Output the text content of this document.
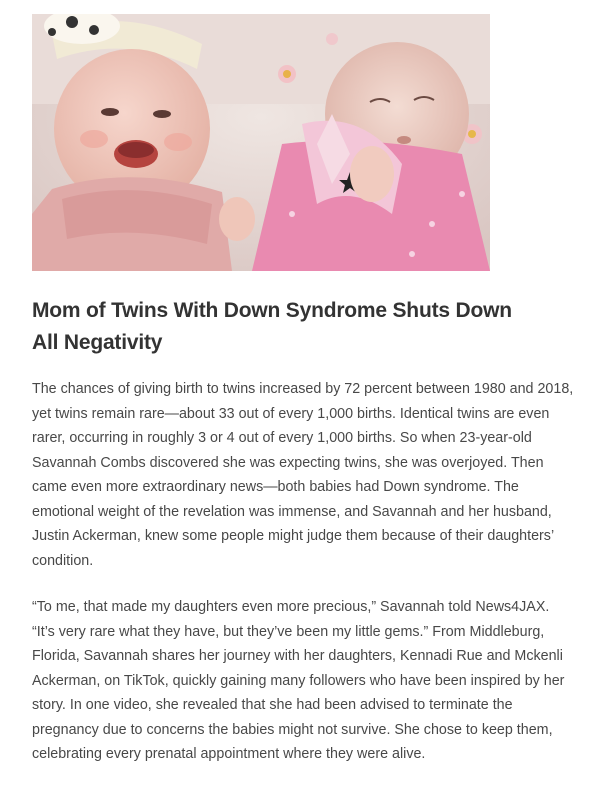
Mom of Twins With Down Syndrome Shuts Down All Negativity

The chances of giving birth to twins increased by 72 percent between 1980 and 2018, yet twins remain rare—about 33 out of every 1,000 births. Identical twins are even rarer, occurring in roughly 3 or 4 out of every 1,000 births. So when 23-year-old Savannah Combs discovered she was expecting twins, she was overjoyed. Then came even more extraordinary news—both babies had Down syndrome. The emotional weight of the revelation was immense, and Savannah and her husband, Justin Ackerman, knew some people might judge them because of their daughters’ condition.

“To me, that made my daughters even more precious,” Savannah told News4JAX. “It’s very rare what they have, but they’ve been my little gems.” From Middleburg, Florida, Savannah shares her journey with her daughters, Kennadi Rue and Mckenli Ackerman, on TikTok, quickly gaining many followers who have been inspired by her story. In one video, she revealed that she had been advised to terminate the pregnancy due to concerns the babies might not survive. She chose to keep them, celebrating every prenatal appointment where they were alive.
